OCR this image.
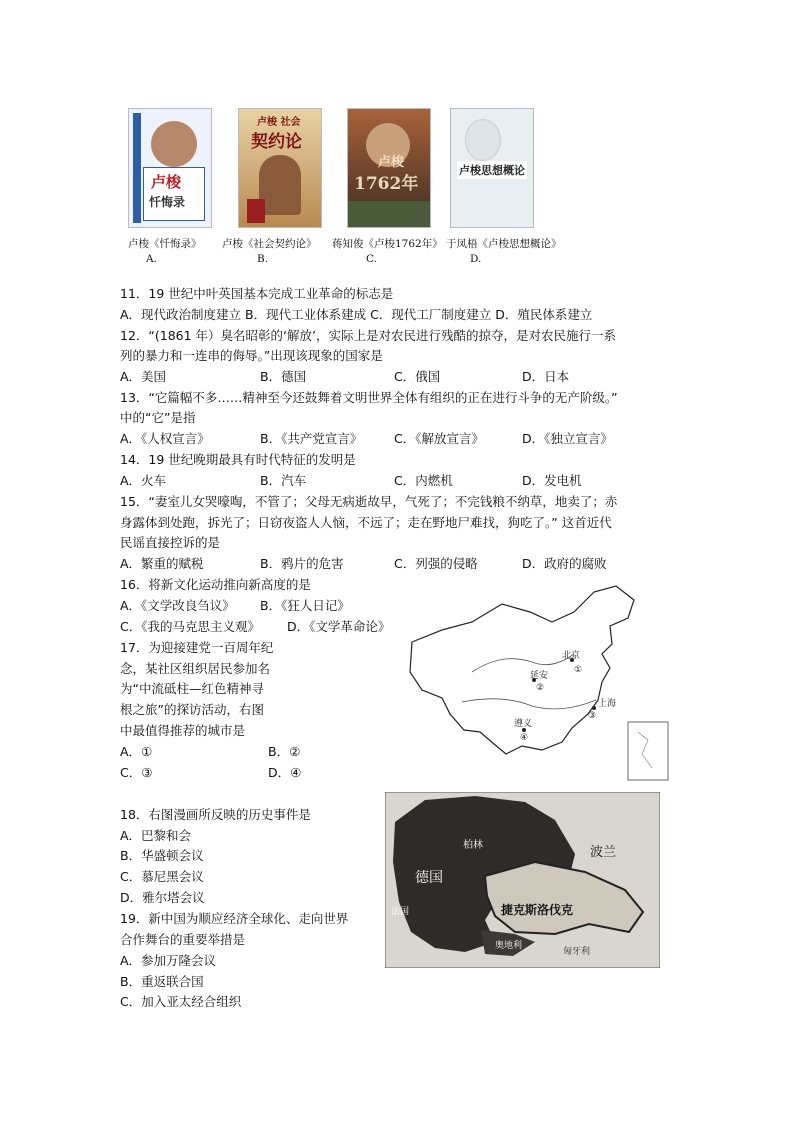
卢梭
忏悔录
卢梭 社会
契约论
卢梭
1762年
卢梭思想概论
卢梭《忏悔录》 卢梭《社会契约论》 蒋知俊《卢梭1762年》 于凤梧《卢梭思想概论》
A.	B.	C.	D.
11．19 世纪中叶英国基本完成工业革命的标志是
A．现代政治制度建立 B．现代工业体系建成 C．现代工厂制度建立 D．殖民体系建立
12．“(1861 年）臭名昭彰的‘解放’，实际上是对农民进行残酷的掠夺，是对农民施行一系
列的暴力和一连串的侮辱。”出现该现象的国家是
A．美国	B．德国	C．俄国	D．日本
13．“它篇幅不多……精神至今还鼓舞着文明世界全体有组织的正在进行斗争的无产阶级。”
中的“它”是指
A．《人权宣言》	B．《共产党宣言》	C．《解放宣言》	D．《独立宣言》
14．19 世纪晚期最具有时代特征的发明是
A．火车	B．汽车	C．内燃机	D．发电机
15．“妻室儿女哭嚎啕，不管了；父母无病逝故早，气死了；不完钱粮不纳草，地卖了；赤
身露体到处跑，拆光了；日窃夜盗人人恼，不远了；走在野地尸难找，狗吃了。” 这首近代
民谣直接控诉的是
A．繁重的赋税	B．鸦片的危害	C．列强的侵略	D．政府的腐败
16．将新文化运动推向新高度的是
A．《文学改良刍议》 B．《狂人日记》
C．《我的马克思主义观》 D．《文学革命论》
17．为迎接建党一百周年纪
念，某社区组织居民参加名
为“中流砥柱—红色精神寻
根之旅”的探访活动，右图
中最值得推荐的城市是
A．①	B．②
C．③	D．④
北京
①
延安
②
上海
③
遵义
④
18．右图漫画所反映的历史事件是
A．巴黎和会
B．华盛顿会议
C．慕尼黑会议
D．雅尔塔会议
柏林
德国
波兰
捷克斯洛伐克
奥地利
匈牙利
法国
19．新中国为顺应经济全球化、走向世界
合作舞台的重要举措是
A．参加万隆会议
B．重返联合国
C．加入亚太经合组织
